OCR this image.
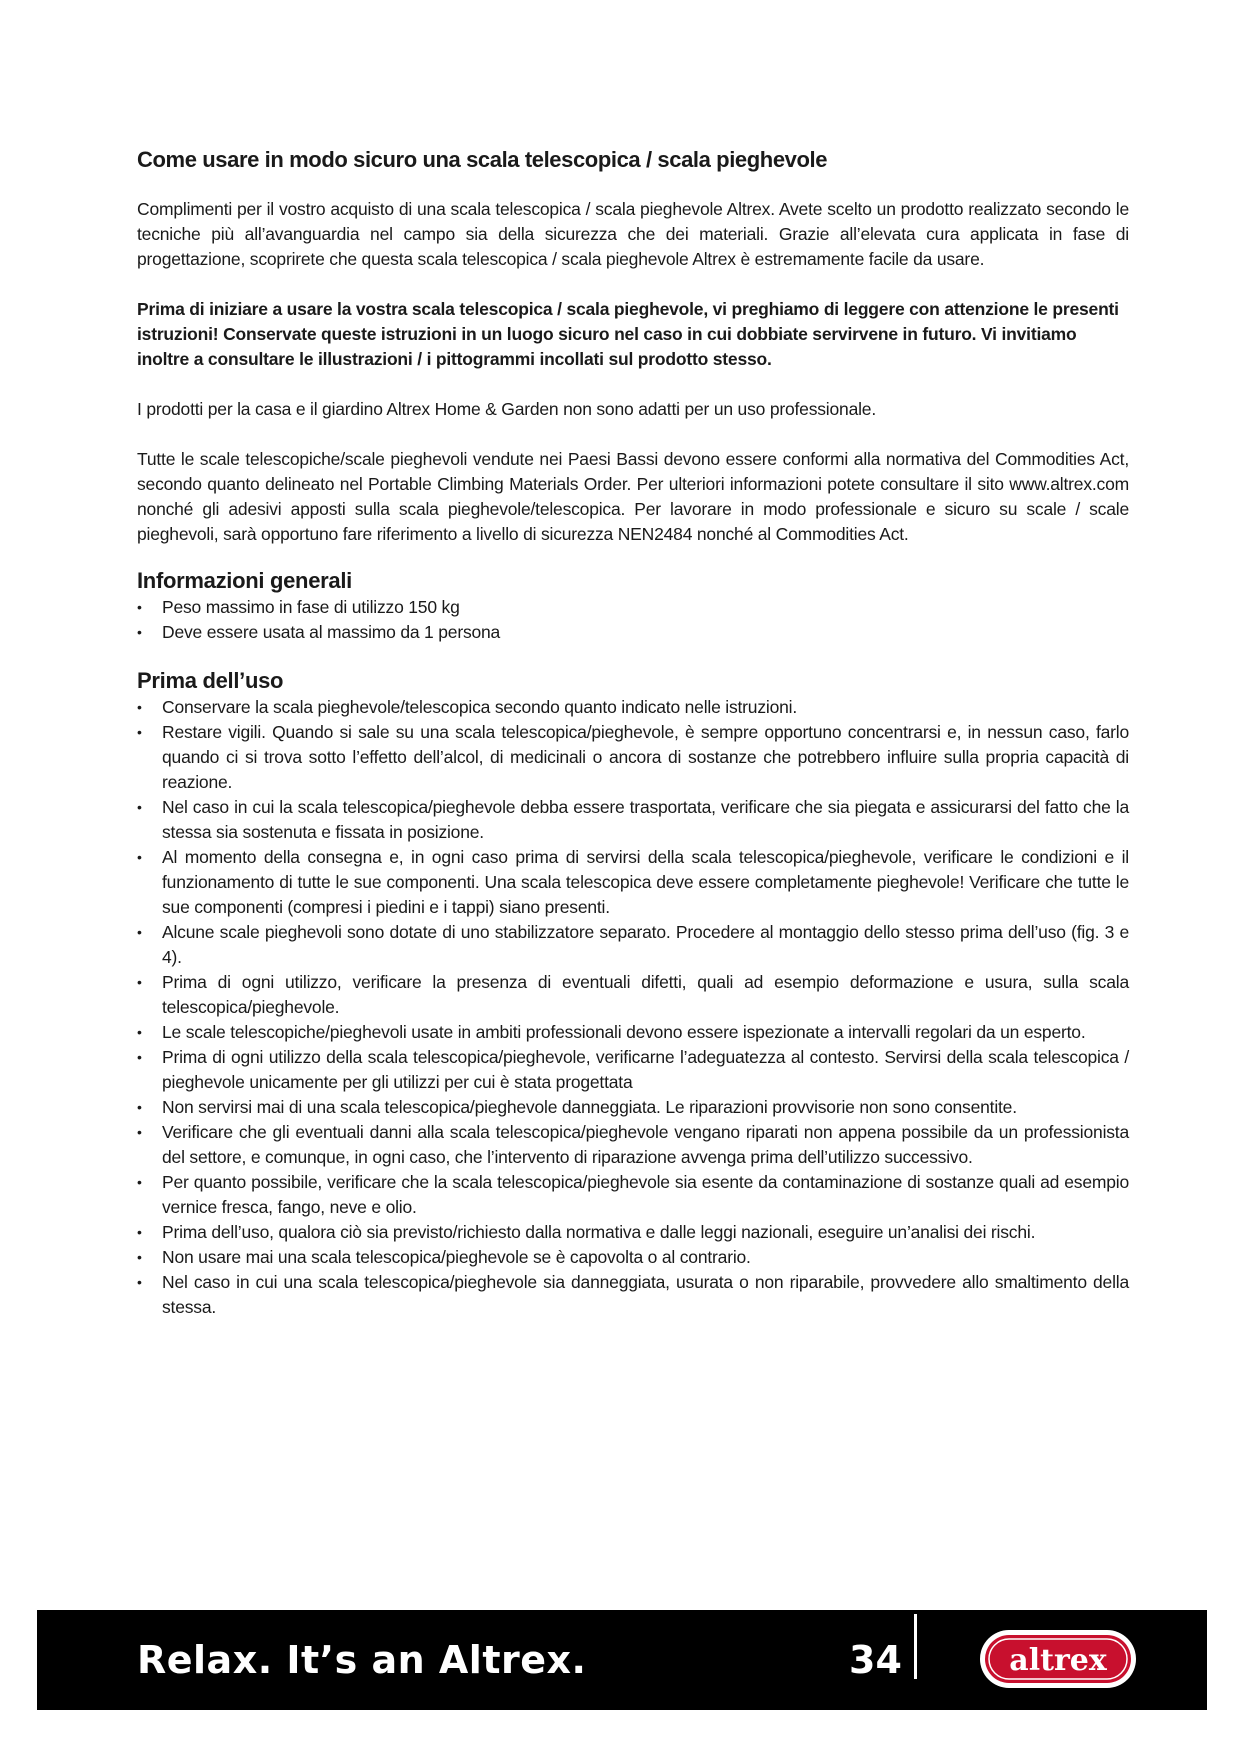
Come usare in modo sicuro una scala telescopica / scala pieghevole

Complimenti per il vostro acquisto di una scala telescopica / scala pieghevole Altrex. Avete scelto un prodotto realizzato secondo le tecniche più all’avanguardia nel campo sia della sicurezza che dei materiali. Grazie all’elevata cura applicata in fase di progettazione, scoprirete che questa scala telescopica / scala pieghevole Altrex è estremamente facile da usare.

Prima di iniziare a usare la vostra scala telescopica / scala pieghevole, vi preghiamo di leggere con attenzione le presenti istruzioni! Conservate queste istruzioni in un luogo sicuro nel caso in cui dobbiate servirvene in futuro. Vi invitiamo inoltre a consultare le illustrazioni / i pittogrammi incollati sul prodotto stesso.

I prodotti per la casa e il giardino Altrex Home & Garden non sono adatti per un uso professionale.

Tutte le scale telescopiche/scale pieghevoli vendute nei Paesi Bassi devono essere conformi alla normativa del Commodities Act, secondo quanto delineato nel Portable Climbing Materials Order. Per ulteriori informazioni potete consultare il sito www.altrex.com nonché gli adesivi apposti sulla scala pieghevole/telescopica. Per lavorare in modo professionale e sicuro su scale / scale pieghevoli, sarà opportuno fare riferimento a livello di sicurezza NEN2484 nonché al Commodities Act.

Informazioni generali
• Peso massimo in fase di utilizzo 150 kg
• Deve essere usata al massimo da 1 persona
Prima dell’uso
• Conservare la scala pieghevole/telescopica secondo quanto indicato nelle istruzioni.
• Restare vigili. Quando si sale su una scala telescopica/pieghevole, è sempre opportuno concentrarsi e, in nessun caso, farlo quando ci si trova sotto l’effetto dell’alcol, di medicinali o ancora di sostanze che potrebbero influire sulla propria capacità di reazione.
• Nel caso in cui la scala telescopica/pieghevole debba essere trasportata, verificare che sia piegata e assicurarsi del fatto che la stessa sia sostenuta e fissata in posizione.
• Al momento della consegna e, in ogni caso prima di servirsi della scala telescopica/pieghevole, verificare le condizioni e il funzionamento di tutte le sue componenti. Una scala telescopica deve essere completamente pieghevole! Verificare che tutte le sue componenti (compresi i piedini e i tappi) siano presenti.
• Alcune scale pieghevoli sono dotate di uno stabilizzatore separato. Procedere al montaggio dello stesso prima dell’uso (fig. 3 e 4).
• Prima di ogni utilizzo, verificare la presenza di eventuali difetti, quali ad esempio deformazione e usura, sulla scala telescopica/pieghevole.
• Le scale telescopiche/pieghevoli usate in ambiti professionali devono essere ispezionate a intervalli regolari da un esperto.
• Prima di ogni utilizzo della scala telescopica/pieghevole, verificarne l’adeguatezza al contesto. Servirsi della scala telescopica / pieghevole unicamente per gli utilizzi per cui è stata progettata
• Non servirsi mai di una scala telescopica/pieghevole danneggiata. Le riparazioni provvisorie non sono consentite.
• Verificare che gli eventuali danni alla scala telescopica/pieghevole vengano riparati non appena possibile da un professionista del settore, e comunque, in ogni caso, che l’intervento di riparazione avvenga prima dell’utilizzo successivo.
• Per quanto possibile, verificare che la scala telescopica/pieghevole sia esente da contaminazione di sostanze quali ad esempio vernice fresca, fango, neve e olio.
• Prima dell’uso, qualora ciò sia previsto/richiesto dalla normativa e dalle leggi nazionali, eseguire un’analisi dei rischi.
• Non usare mai una scala telescopica/pieghevole se è capovolta o al contrario.
• Nel caso in cui una scala telescopica/pieghevole sia danneggiata, usurata o non riparabile, provvedere allo smaltimento della stessa.
Relax. It’s an Altrex.	34	altrex
